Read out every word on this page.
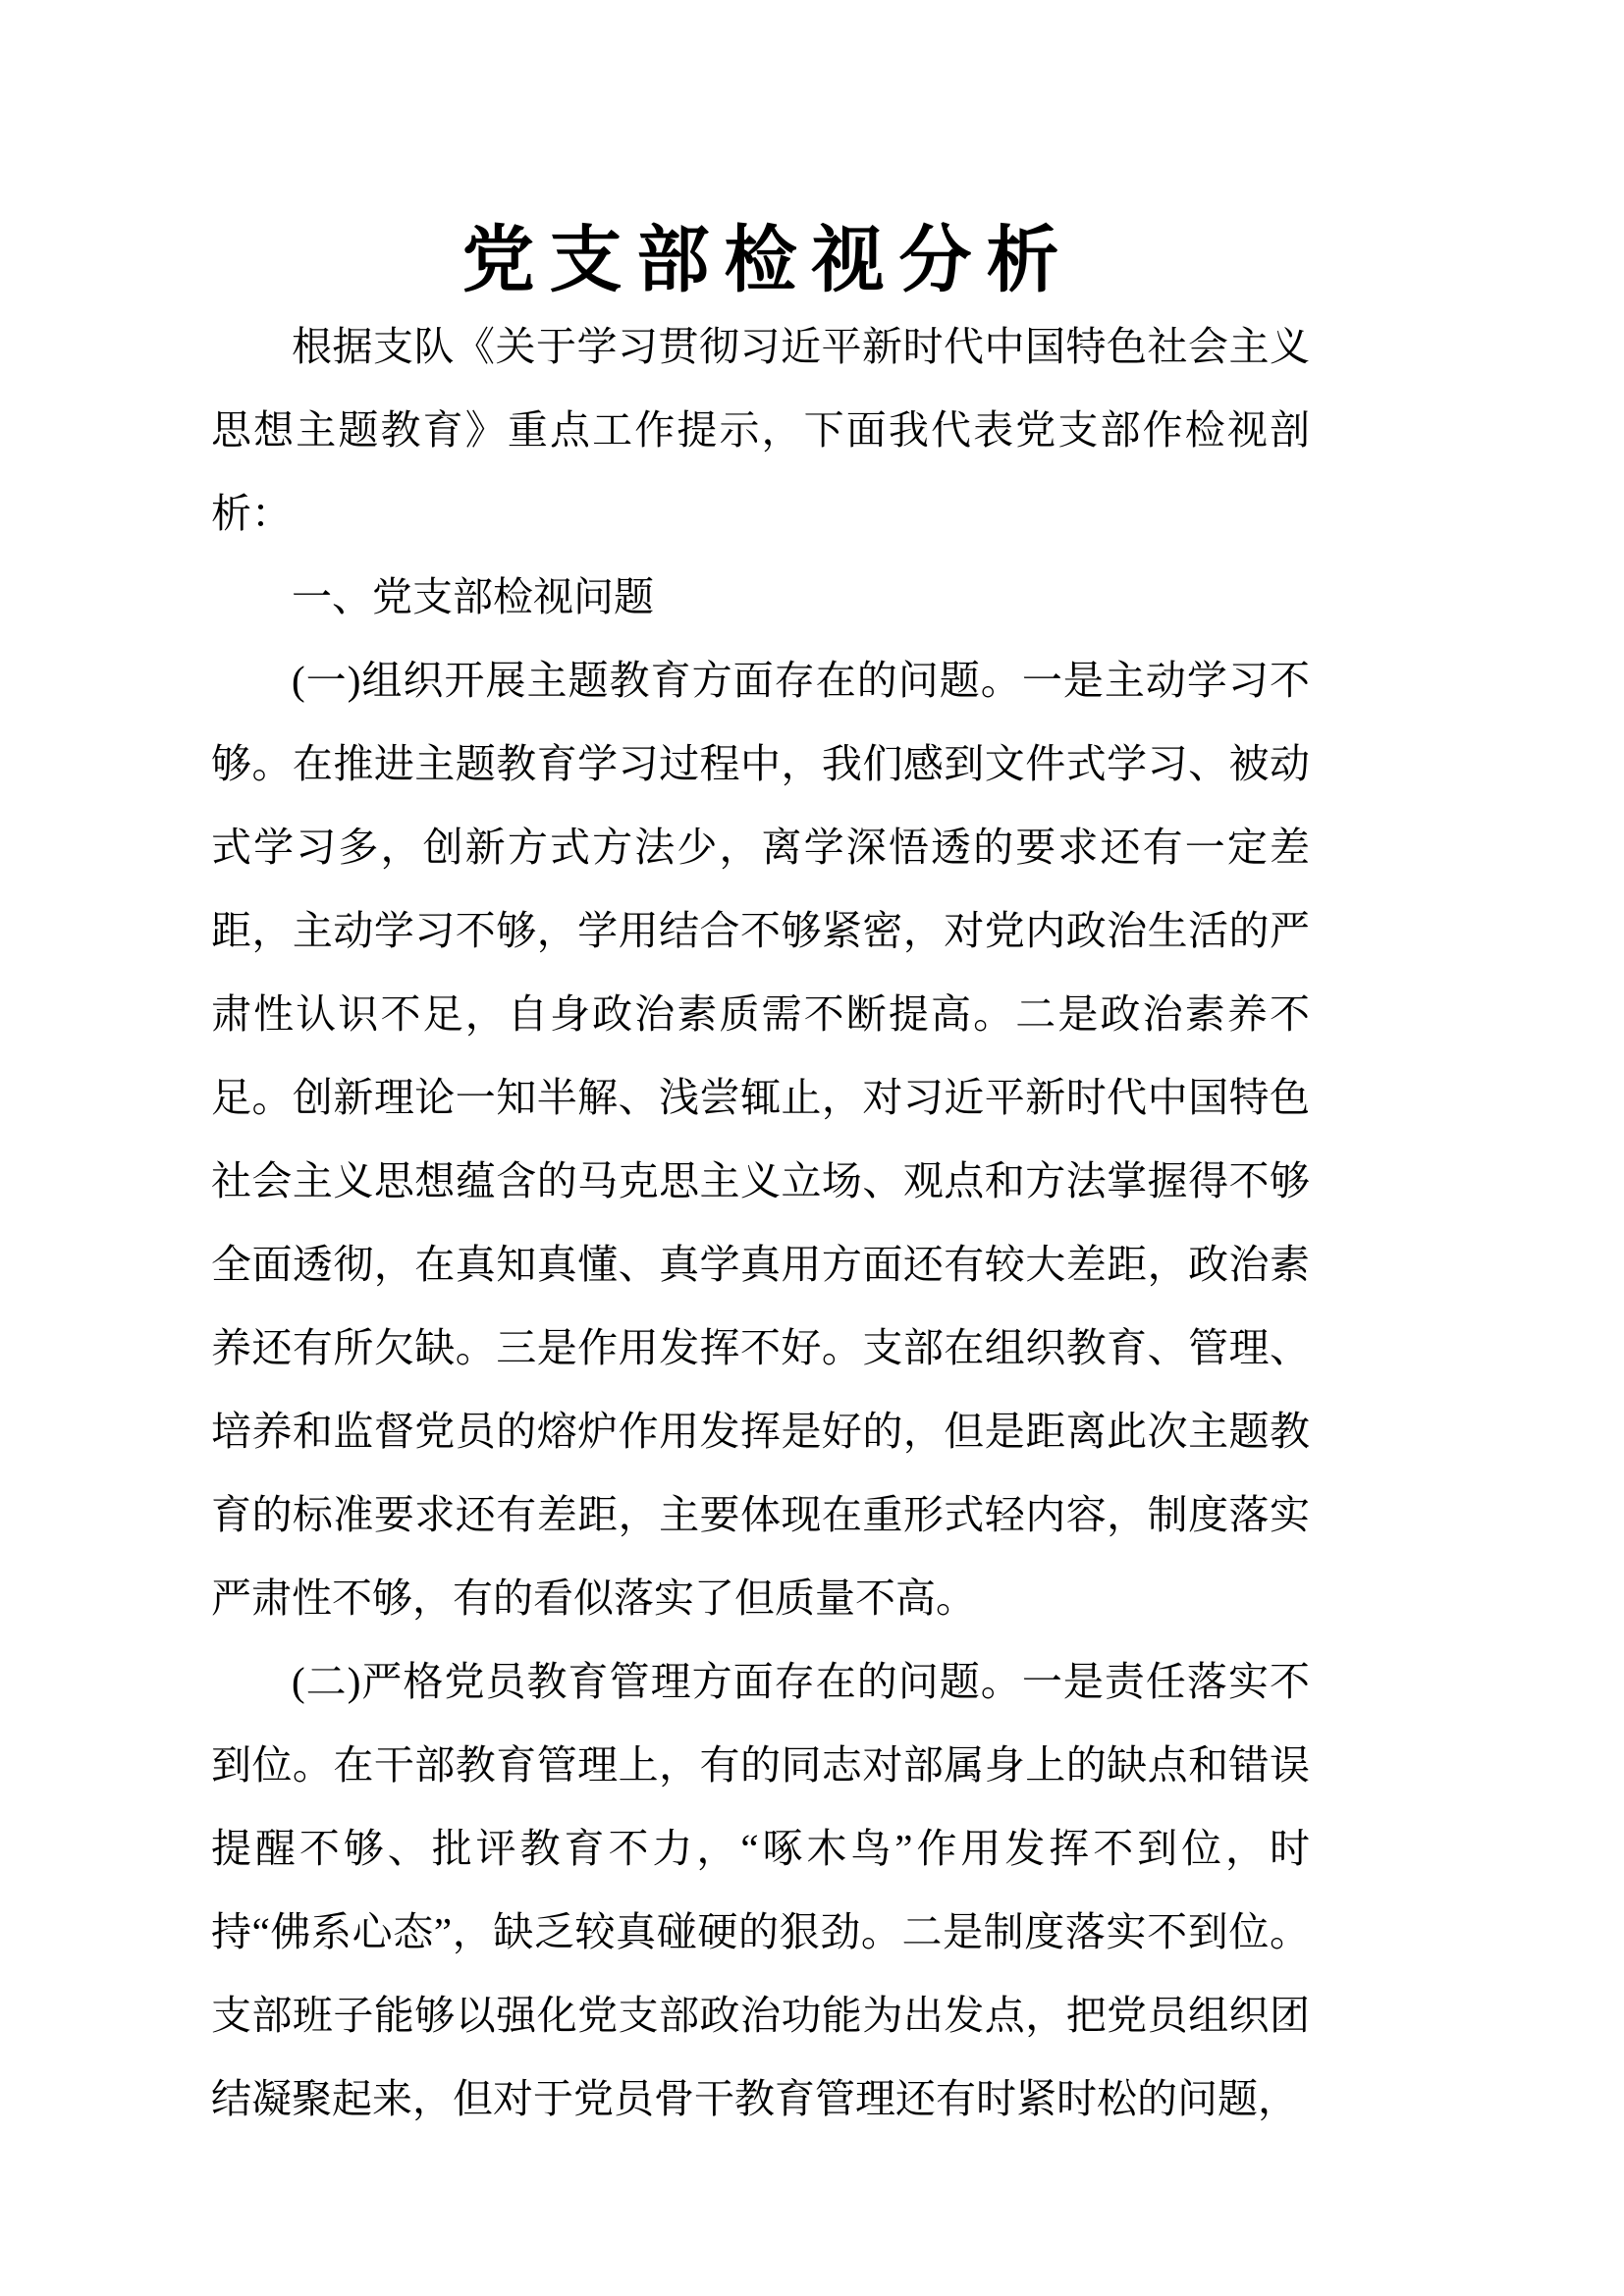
党支部检视分析

根据支队《关于学习贯彻习近平新时代中国特色社会主义思想主题教育》重点工作提示，下面我代表党支部作检视剖析：

一、党支部检视问题

(一)组织开展主题教育方面存在的问题。一是主动学习不够。在推进主题教育学习过程中，我们感到文件式学习、被动式学习多，创新方式方法少，离学深悟透的要求还有一定差距，主动学习不够，学用结合不够紧密，对党内政治生活的严肃性认识不足，自身政治素质需不断提高。二是政治素养不足。创新理论一知半解、浅尝辄止，对习近平新时代中国特色社会主义思想蕴含的马克思主义立场、观点和方法掌握得不够全面透彻，在真知真懂、真学真用方面还有较大差距，政治素养还有所欠缺。三是作用发挥不好。支部在组织教育、管理、培养和监督党员的熔炉作用发挥是好的，但是距离此次主题教育的标准要求还有差距，主要体现在重形式轻内容，制度落实严肃性不够，有的看似落实了但质量不高。

(二)严格党员教育管理方面存在的问题。一是责任落实不到位。在干部教育管理上，有的同志对部属身上的缺点和错误提醒不够、批评教育不力，“啄木鸟”作用发挥不到位，时持“佛系心态”，缺乏较真碰硬的狠劲。二是制度落实不到位。支部班子能够以强化党支部政治功能为出发点，把党员组织团结凝聚起来，但对于党员骨干教育管理还有时紧时松的问题，
